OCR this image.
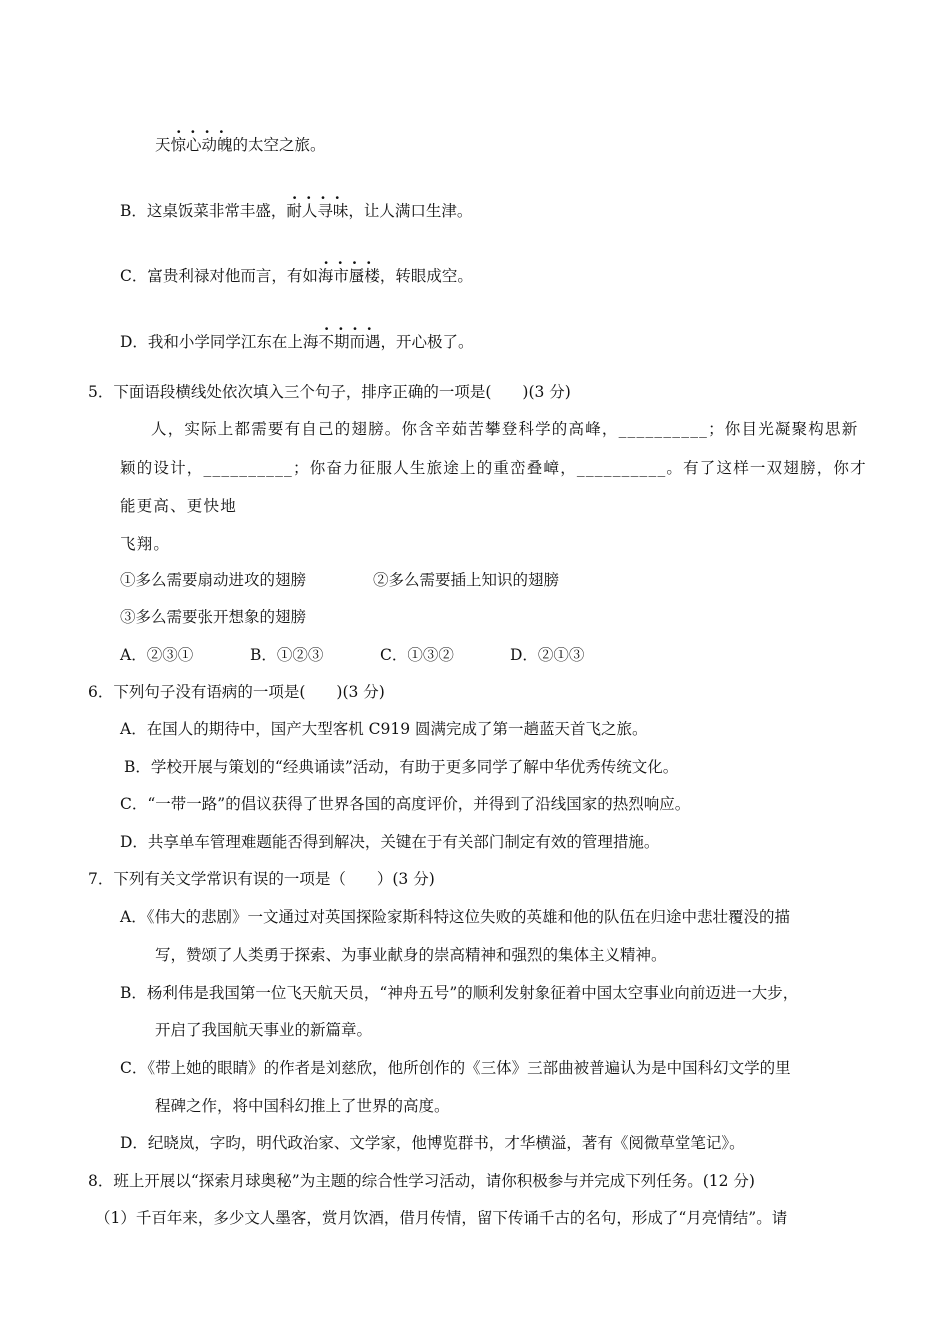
天· · · · 惊心动魄的太空之旅。
B．这桌饭菜非常丰盛，· · · · 耐人寻味，让人满口生津。
C．富贵利禄对他而言，有如· · · · 海市蜃楼，转眼成空。
D．我和小学同学江东在上海· · · · 不期而遇，开心极了。
5．下面语段横线处依次填入三个句子，排序正确的一项是(　　)(3 分)
人，实际上都需要有自己的翅膀。你含辛茹苦攀登科学的高峰，__________；你目光凝聚构思新
颖的设计，__________；你奋力征服人生旅途上的重峦叠嶂，__________。有了这样一双翅膀，你才
能更高、更快地
飞翔。
①多么需要扇动进攻的翅膀	②多么需要插上知识的翅膀
③多么需要张开想象的翅膀
A．②③①	B．①②③	C．①③②	D．②①③
6．下列句子没有语病的一项是(　　)(3 分)
A．在国人的期待中，国产大型客机 C919 圆满完成了第一趟蓝天首飞之旅。
B．学校开展与策划的“经典诵读”活动，有助于更多同学了解中华优秀传统文化。
C．“一带一路”的倡议获得了世界各国的高度评价，并得到了沿线国家的热烈响应。
D．共享单车管理难题能否得到解决，关键在于有关部门制定有效的管理措施。
7．下列有关文学常识有误的一项是（　　）(3 分)
A．《伟大的悲剧》一文通过对英国探险家斯科特这位失败的英雄和他的队伍在归途中悲壮覆没的描
写，赞颂了人类勇于探索、为事业献身的崇高精神和强烈的集体主义精神。
B．杨利伟是我国第一位飞天航天员，“神舟五号”的顺利发射象征着中国太空事业向前迈进一大步，
开启了我国航天事业的新篇章。
C．《带上她的眼睛》的作者是刘慈欣，他所创作的《三体》三部曲被普遍认为是中国科幻文学的里
程碑之作，将中国科幻推上了世界的高度。
D．纪晓岚，字昀，明代政治家、文学家，他博览群书，才华横溢，著有《阅微草堂笔记》。
8．班上开展以“探索月球奥秘”为主题的综合性学习活动，请你积极参与并完成下列任务。(12 分)
（1）千百年来，多少文人墨客，赏月饮酒，借月传情，留下传诵千古的名句，形成了“月亮情结”。请
